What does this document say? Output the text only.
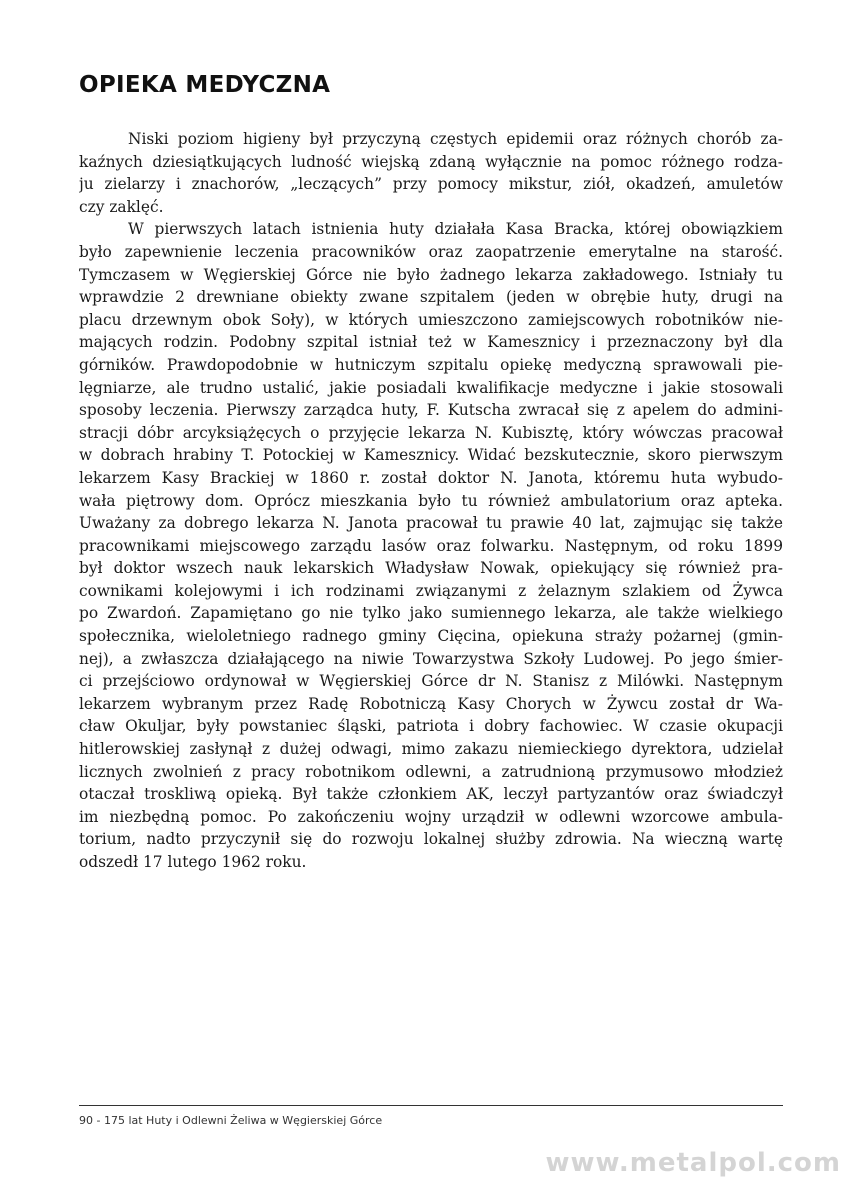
OPIEKA MEDYCZNA

Niski poziom higieny był przyczyną częstych epidemii oraz różnych chorób za-
kaźnych dziesiątkujących ludność wiejską zdaną wyłącznie na pomoc różnego rodza-
ju zielarzy i znachorów, „leczących” przy pomocy mikstur, ziół, okadzeń, amuletów
czy zaklęć.

W pierwszych latach istnienia huty działała Kasa Bracka, której obowiązkiem
było zapewnienie leczenia pracowników oraz zaopatrzenie emerytalne na starość.
Tymczasem w Węgierskiej Górce nie było żadnego lekarza zakładowego. Istniały tu
wprawdzie 2 drewniane obiekty zwane szpitalem (jeden w obrębie huty, drugi na
placu drzewnym obok Soły), w których umieszczono zamiejscowych robotników nie-
mających rodzin. Podobny szpital istniał też w Kamesznicy i przeznaczony był dla
górników. Prawdopodobnie w hutniczym szpitalu opiekę medyczną sprawowali pie-
lęgniarze, ale trudno ustalić, jakie posiadali kwalifikacje medyczne i jakie stosowali
sposoby leczenia. Pierwszy zarządca huty, F. Kutscha zwracał się z apelem do admini-
stracji dóbr arcyksiążęcych o przyjęcie lekarza N. Kubisztę, który wówczas pracował
w dobrach hrabiny T. Potockiej w Kamesznicy. Widać bezskutecznie, skoro pierwszym
lekarzem Kasy Brackiej w 1860 r. został doktor N. Janota, któremu huta wybudo-
wała piętrowy dom. Oprócz mieszkania było tu również ambulatorium oraz apteka.
Uważany za dobrego lekarza N. Janota pracował tu prawie 40 lat, zajmując się także
pracownikami miejscowego zarządu lasów oraz folwarku. Następnym, od roku 1899
był doktor wszech nauk lekarskich Władysław Nowak, opiekujący się również pra-
cownikami kolejowymi i ich rodzinami związanymi z żelaznym szlakiem od Żywca
po Zwardoń. Zapamiętano go nie tylko jako sumiennego lekarza, ale także wielkiego
społecznika, wieloletniego radnego gminy Cięcina, opiekuna straży pożarnej (gmin-
nej), a zwłaszcza działającego na niwie Towarzystwa Szkoły Ludowej. Po jego śmier-
ci przejściowo ordynował w Węgierskiej Górce dr N. Stanisz z Milówki. Następnym
lekarzem wybranym przez Radę Robotniczą Kasy Chorych w Żywcu został dr Wa-
cław Okuljar, były powstaniec śląski, patriota i dobry fachowiec. W czasie okupacji
hitlerowskiej zasłynął z dużej odwagi, mimo zakazu niemieckiego dyrektora, udzielał
licznych zwolnień z pracy robotnikom odlewni, a zatrudnioną przymusowo młodzież
otaczał troskliwą opieką. Był także członkiem AK, leczył partyzantów oraz świadczył
im niezbędną pomoc. Po zakończeniu wojny urządził w odlewni wzorcowe ambula-
torium, nadto przyczynił się do rozwoju lokalnej służby zdrowia. Na wieczną wartę
odszedł 17 lutego 1962 roku.

90 - 175 lat Huty i Odlewni Żeliwa w Węgierskiej Górce
www.metalpol.com
